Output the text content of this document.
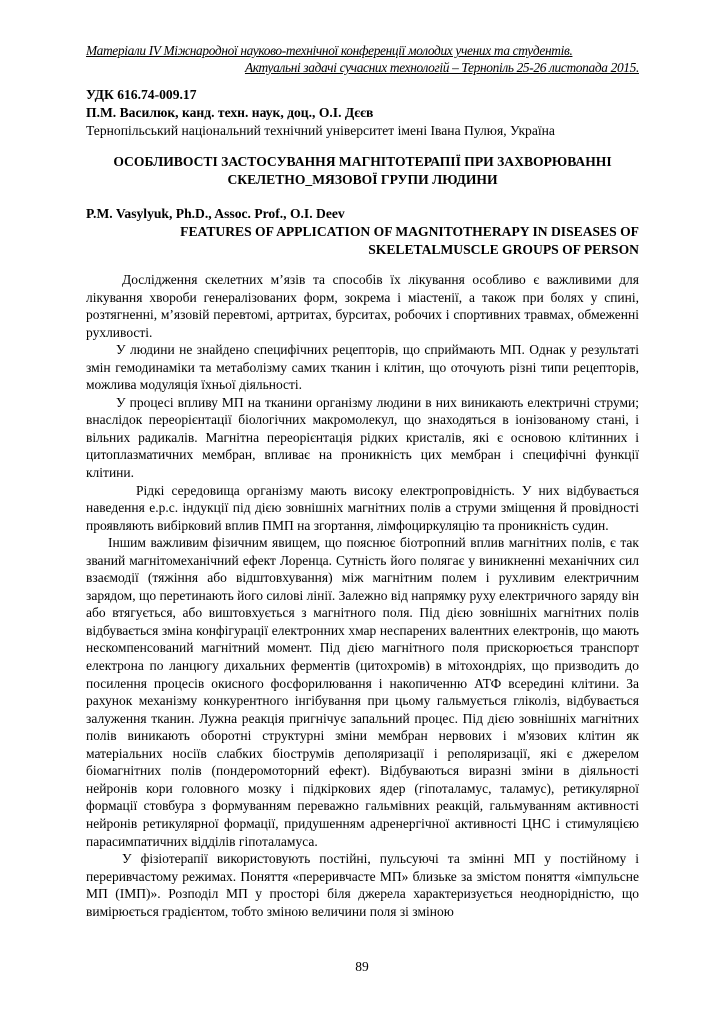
Матеріали IV Міжнародної науково-технічної конференції молодих учених та студентів.
Актуальні задачі сучасних технологій – Тернопіль 25-26 листопада 2015.
УДК 616.74-009.17
П.М. Василюк, канд. техн. наук, доц., О.І. Дєєв
Тернопільський національний технічний університет імені Івана Пулюя, Україна
ОСОБЛИВОСТІ ЗАСТОСУВАННЯ МАГНІТОТЕРАПІЇ ПРИ ЗАХВОРЮВАННІ
СКЕЛЕТНО_МЯЗОВОЇ ГРУПИ ЛЮДИНИ
P.M. Vasylyuk, Ph.D., Assoc. Prof., O.I. Deev
FEATURES OF APPLICATION OF MAGNITOTHERAPY IN DISEASES OF
SKELETALMUSCLE GROUPS OF PERSON

Дослідження скелетних м’язів та способів їх лікування особливо є важливими для лікування хвороби генералізованих форм, зокрема і міастенії, а також при болях у спині, розтягненні, м’язовій перевтомі, артритах, бурситах, робочих і спортивних травмах, обмеженні рухливості.

У людини не знайдено специфічних рецепторів, що сприймають МП. Однак у результаті змін гемодинаміки та метаболізму самих тканин і клітин, що оточують різні типи рецепторів, можлива модуляція їхньої діяльності.

У процесі впливу МП на тканини організму людини в них виникають електричні струми; внаслідок переорієнтації біологічних макромолекул, що знаходяться в іонізованому стані, і вільних радикалів. Магнітна переорієнтація рідких кристалів, які є основою клітинних і цитоплазматичних мембран, впливає на проникність цих мембран і специфічні функції клітини.

Рідкі середовища організму мають високу електропровідність. У них відбувається наведення е.р.с. індукції під дією зовнішніх магнітних полів а струми зміщення й провідності проявляють вибірковий вплив ПМП на згортання, лімфоциркуляцію та проникність судин.

Іншим важливим фізичним явищем, що пояснює біотропний вплив магнітних полів, є так званий магнітомеханічний ефект Лоренца. Сутність його полягає у виникненні механічних сил взаємодії (тяжіння або відштовхування) між магнітним полем і рухливим електричним зарядом, що перетинають його силові лінії. Залежно від напрямку руху електричного заряду він або втягується, або виштовхується з магнітного поля. Під дією зовнішніх магнітних полів відбувається зміна конфігурації електронних хмар неспарених валентних електронів, що мають нескомпенсований магнітний момент. Під дією магнітного поля прискорюється транспорт електрона по ланцюгу дихальних ферментів (цитохромів) в мітохондріях, що призводить до посилення процесів окисного фосфорилювання і накопиченню АТФ всередині клітини. За рахунок механізму конкурентного інгібування при цьому гальмується гліколіз, відбувається залуження тканин. Лужна реакція пригнічує запальний процес. Під дією зовнішніх магнітних полів виникають оборотні структурні зміни мембран нервових і м'язових клітин як матеріальних носіїв слабких біострумів деполяризації і реполяризації, які є джерелом біомагнітних полів (пондеромоторний ефект). Відбуваються виразні зміни в діяльності нейронів кори головного мозку і підкіркових ядер (гіпоталамус, таламус), ретикулярної формації стовбура з формуванням переважно гальмівних реакцій, гальмуванням активності нейронів ретикулярної формації, придушенням адренергічної активності ЦНС і стимуляцією парасимпатичних відділів гіпоталамуса.

У фізіотерапії використовують постійні, пульсуючі та змінні МП у постійному і переривчастому режимах. Поняття «переривчасте МП» близьке за змістом поняття «імпульсне МП (ІМП)». Розподіл МП у просторі біля джерела характеризується неоднорідністю, що вимірюється градієнтом, тобто зміною величини поля зі зміною

89
